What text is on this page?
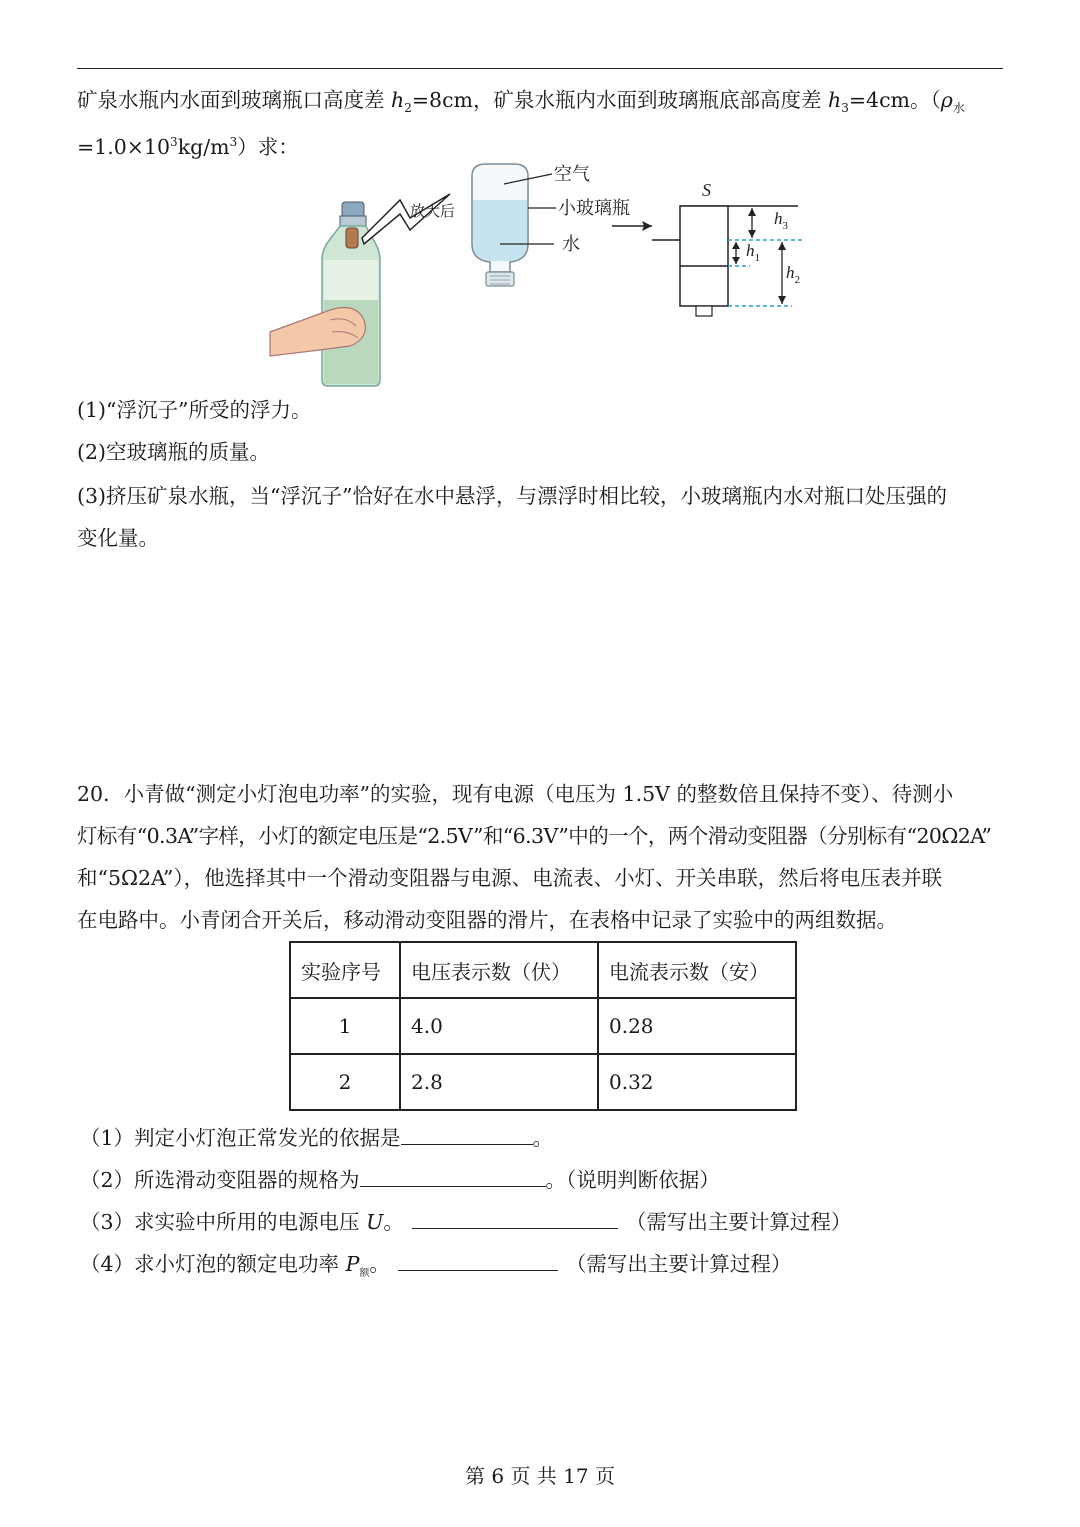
矿泉水瓶内水面到玻璃瓶口高度差 $h_2=8cm$，矿泉水瓶内水面到玻璃瓶底部高度差 $h_3=4cm$。（$\rho_水$
$=1.0\times 10^3kg/m^3$）求：
放大后
空气
小玻璃瓶
水
S
$h_3$
$h_1$
$h_2$
(1)“浮沉子”所受的浮力。
(2)空玻璃瓶的质量。
(3)挤压矿泉水瓶，当“浮沉子”恰好在水中悬浮，与漂浮时相比较，小玻璃瓶内水对瓶口处压强的
变化量。
20．小青做“测定小灯泡电功率”的实验，现有电源（电压为 1.5V 的整数倍且保持不变）、待测小
灯标有“0.3A”字样，小灯的额定电压是“2.5V”和“6.3V”中的一个，两个滑动变阻器（分别标有“20Ω2A”
和“5Ω2A”），他选择其中一个滑动变阻器与电源、电流表、小灯、开关串联，然后将电压表并联
在电路中。小青闭合开关后，移动滑动变阻器的滑片，在表格中记录了实验中的两组数据。
实验序号	电压表示数（伏）	电流表示数（安）
1	4.0	0.28
2	2.8	0.32
（1）判定小灯泡正常发光的依据是	。
（2）所选滑动变阻器的规格为	。（说明判断依据）
（3）求实验中所用的电源电压 U。	（需写出主要计算过程）
（4）求小灯泡的额定电功率 $P_额$。	（需写出主要计算过程）
第 6 页 共 17 页
